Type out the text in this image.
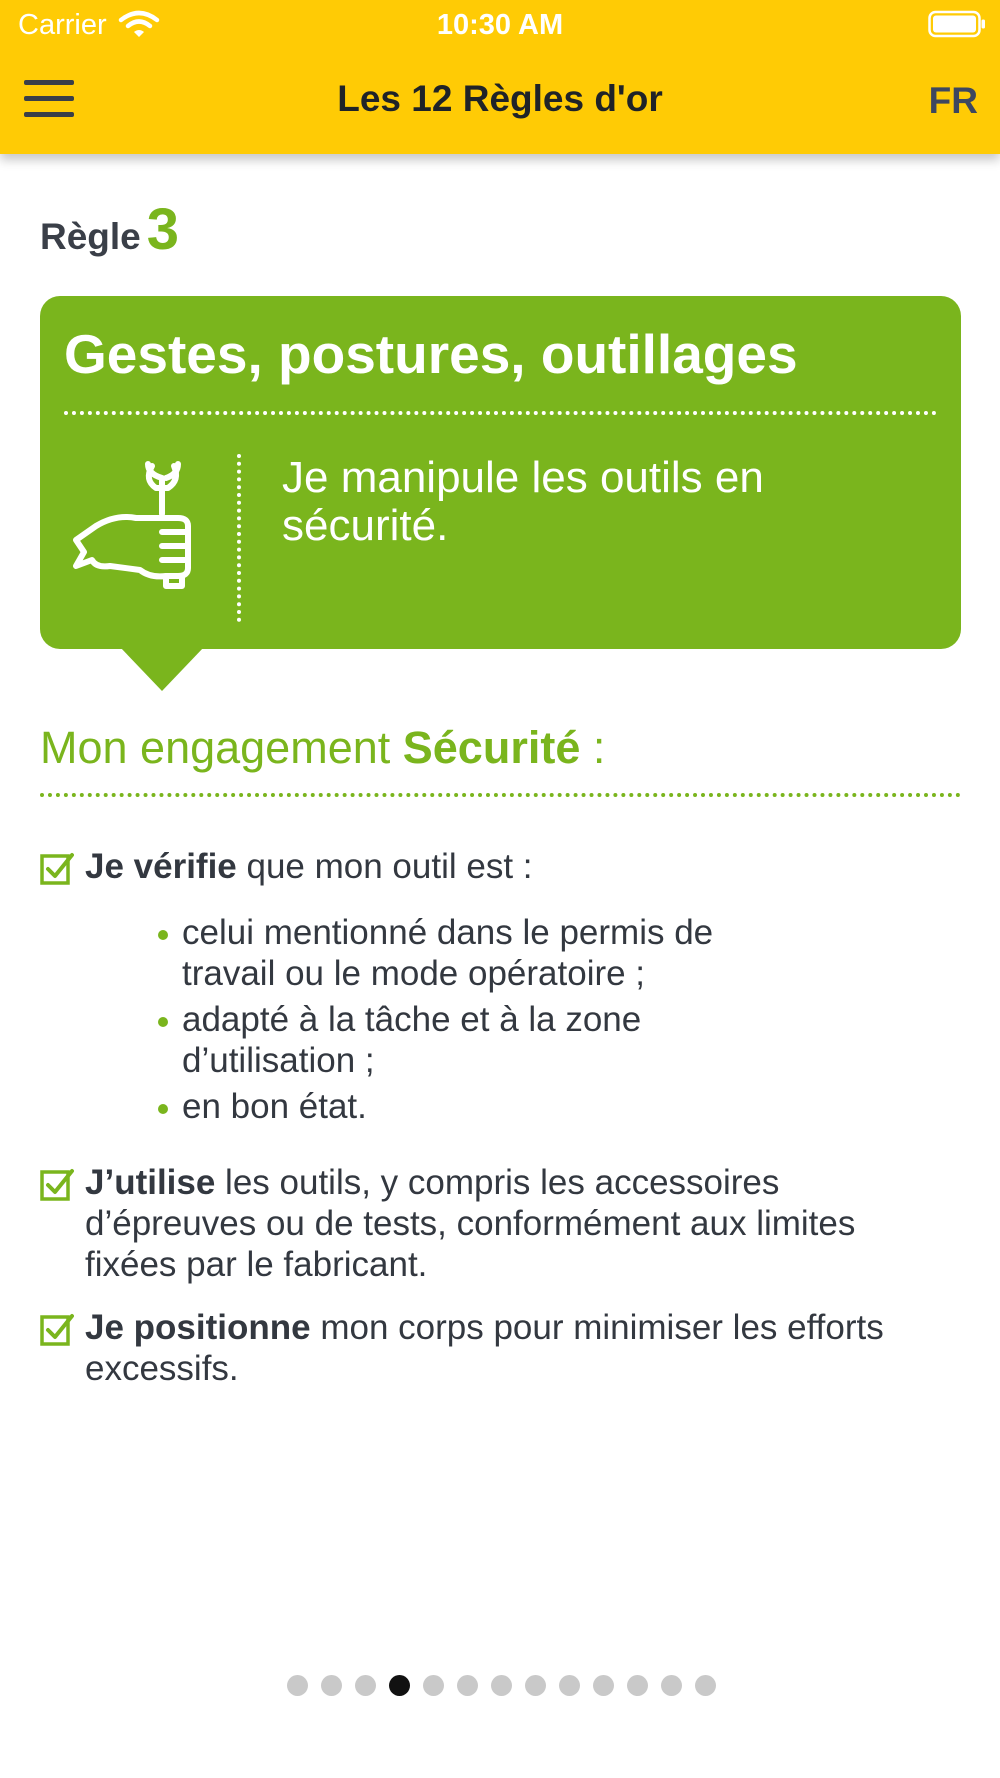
Carrier	10:30 AM
Les 12 Règles d'or	FR
Règle 3
Gestes, postures, outillages
Je manipule les outils en sécurité.
Mon engagement Sécurité :
Je vérifie que mon outil est :
celui mentionné dans le permis de travail ou le mode opératoire ;
adapté à la tâche et à la zone d’utilisation ;
en bon état.
J’utilise les outils, y compris les accessoires d’épreuves ou de tests, conformément aux limites fixées par le fabricant.
Je positionne mon corps pour minimiser les efforts excessifs.
